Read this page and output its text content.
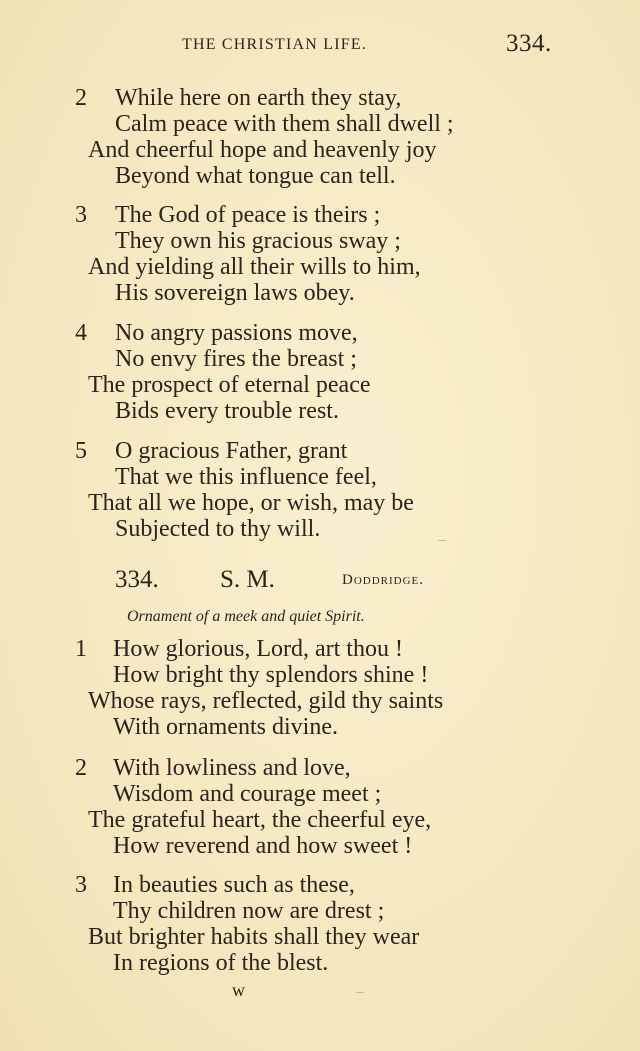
THE CHRISTIAN LIFE.	334.
2 While here on earth they stay,
Calm peace with them shall dwell ;
And cheerful hope and heavenly joy
Beyond what tongue can tell.
3 The God of peace is theirs ;
They own his gracious sway ;
And yielding all their wills to him,
His sovereign laws obey.
4 No angry passions move,
No envy fires the breast ;
The prospect of eternal peace
Bids every trouble rest.
5 O gracious Father, grant
That we this influence feel,
That all we hope, or wish, may be
Subjected to thy will.
334. S. M.	Doddridge.
Ornament of a meek and quiet Spirit.
1 How glorious, Lord, art thou !
How bright thy splendors shine !
Whose rays, reflected, gild thy saints
With ornaments divine.
2 With lowliness and love,
Wisdom and courage meet ;
The grateful heart, the cheerful eye,
How reverend and how sweet !
3 In beauties such as these,
Thy children now are drest ;
But brighter habits shall they wear
In regions of the blest.
w
